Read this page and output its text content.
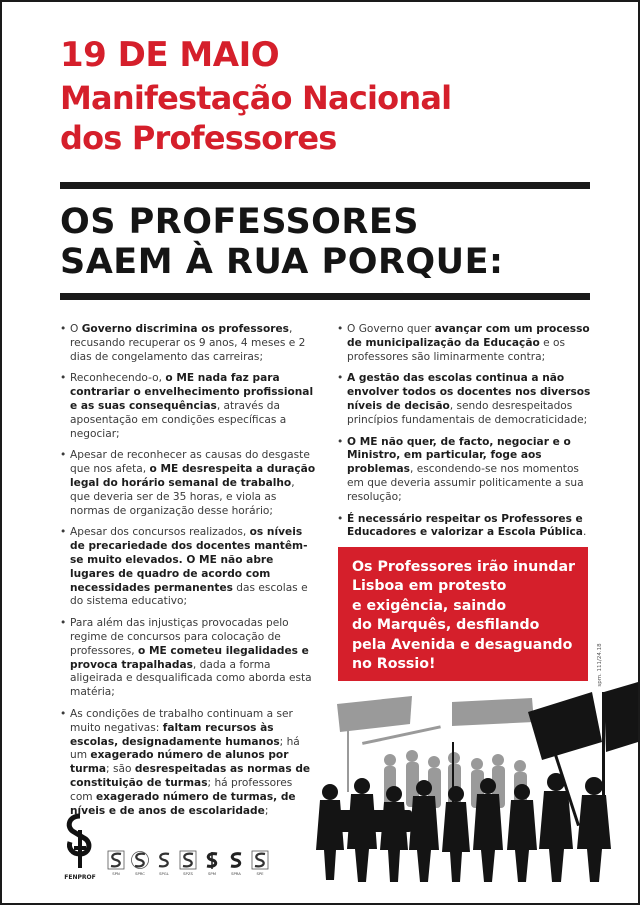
19 DE MAIO
Manifestação Nacional
dos Professores
OS PROFESSORES
SAEM À RUA PORQUE:
• O Governo discrimina os professores, recusando recuperar os 9 anos, 4 meses e 2 dias de congelamento das carreiras;
• Reconhecendo-o, o ME nada faz para contrariar o envelhecimento profissional e as suas consequências, através da aposentação em condições específicas a negociar;
• Apesar de reconhecer as causas do desgaste que nos afeta, o ME desrespeita a duração legal do horário semanal de trabalho, que deveria ser de 35 horas, e viola as normas de organização desse horário;
• Apesar dos concursos realizados, os níveis de precariedade dos docentes mantêm-se muito elevados. O ME não abre lugares de quadro de acordo com necessidades permanentes das escolas e do sistema educativo;
• Para além das injustiças provocadas pelo regime de concursos para colocação de professores, o ME cometeu ilegalidades e provoca trapalhadas, dada a forma aligeirada e desqualificada como aborda esta matéria;
• As condições de trabalho continuam a ser muito negativas: faltam recursos às escolas, designadamente humanos; há um exagerado número de alunos por turma; são desrespeitadas as normas de constituição de turmas; há professores com exagerado número de turmas, de níveis e de anos de escolaridade;
• O Governo quer avançar com um processo de municipalização da Educação e os professores são liminarmente contra;
• A gestão das escolas continua a não envolver todos os docentes nos diversos níveis de decisão, sendo desrespeitados princípios fundamentais de democraticidade;
• O ME não quer, de facto, negociar e o Ministro, em particular, foge aos problemas, escondendo-se nos momentos em que deveria assumir politicamente a sua resolução;
• É necessário respeitar os Professores e Educadores e valorizar a Escola Pública.
Os Professores irão inundar
Lisboa em protesto
e exigência, saindo
do Marquês, desfilando
pela Avenida e desaguando
no Rossio!	spm. 111/24.18
FENPROF
SPN	SPRC	SPGL	SPZS	SPM	SPRA	SPE
